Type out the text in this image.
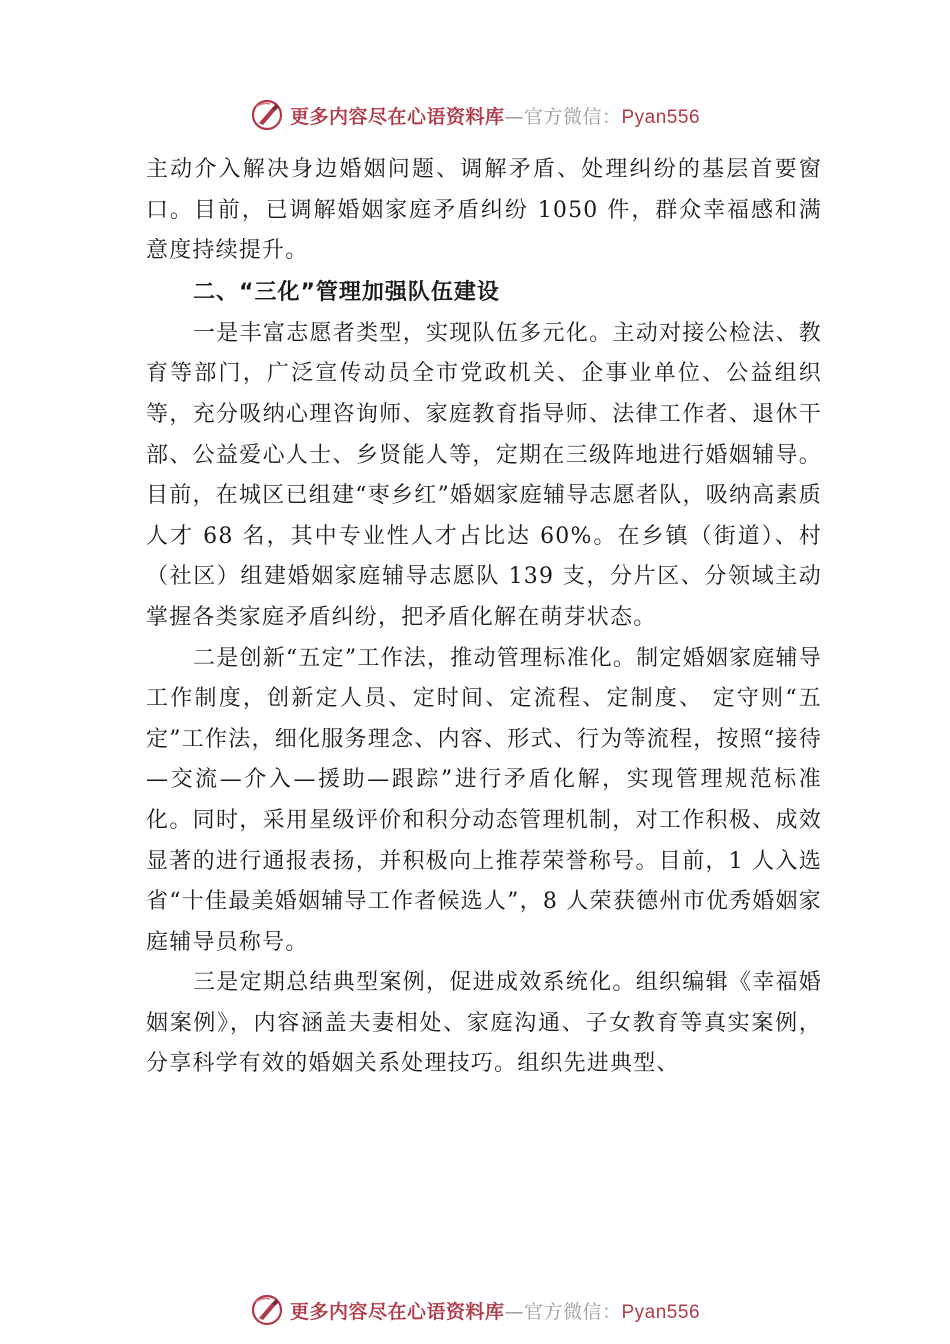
更多内容尽在心语资料库—官方微信：Pyan556

主动介入解决身边婚姻问题、调解矛盾、处理纠纷的基层首要窗口。目前，已调解婚姻家庭矛盾纠纷 1050 件，群众幸福感和满意度持续提升。

二、“三化”管理加强队伍建设

一是丰富志愿者类型，实现队伍多元化。主动对接公检法、教育等部门，广泛宣传动员全市党政机关、企事业单位、公益组织等，充分吸纳心理咨询师、家庭教育指导师、法律工作者、退休干部、公益爱心人士、乡贤能人等，定期在三级阵地进行婚姻辅导。目前，在城区已组建“枣乡红”婚姻家庭辅导志愿者队，吸纳高素质人才 68 名，其中专业性人才占比达 60%。在乡镇（街道）、村（社区）组建婚姻家庭辅导志愿队 139 支，分片区、分领域主动掌握各类家庭矛盾纠纷，把矛盾化解在萌芽状态。

二是创新“五定”工作法，推动管理标准化。制定婚姻家庭辅导工作制度，创新定人员、定时间、定流程、定制度、 定守则“五定”工作法，细化服务理念、内容、形式、行为等流程，按照“接待—交流—介入—援助—跟踪”进行矛盾化解，实现管理规范标准化。同时，采用星级评价和积分动态管理机制，对工作积极、成效显著的进行通报表扬，并积极向上推荐荣誉称号。目前，1 人入选省“十佳最美婚姻辅导工作者候选人”，8 人荣获德州市优秀婚姻家庭辅导员称号。

三是定期总结典型案例，促进成效系统化。组织编辑《幸福婚姻案例》，内容涵盖夫妻相处、家庭沟通、子女教育等真实案例，分享科学有效的婚姻关系处理技巧。组织先进典型、

更多内容尽在心语资料库—官方微信：Pyan556
